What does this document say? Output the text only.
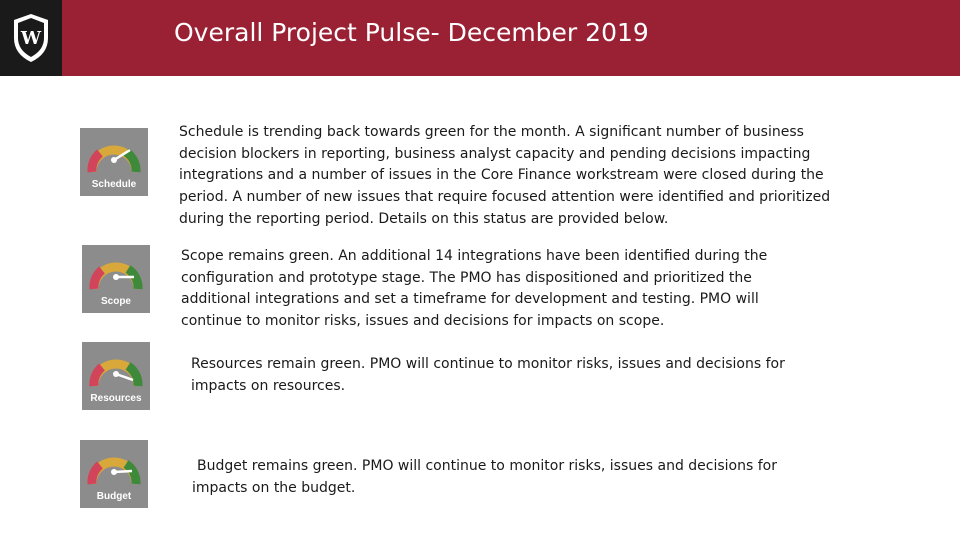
W	Overall Project Pulse- December 2019
Schedule
Schedule is trending back towards green for the month. A significant number of business decision blockers in reporting, business analyst capacity and pending decisions impacting integrations and a number of issues in the Core Finance workstream were closed during the period. A number of new issues that require focused attention were identified and prioritized during the reporting period. Details on this status are provided below.
Scope
Scope remains green. An additional 14 integrations have been identified during the configuration and prototype stage. The PMO has dispositioned and prioritized the additional integrations and set a timeframe for development and testing. PMO will continue to monitor risks, issues and decisions for impacts on scope.
Resources
Resources remain green. PMO will continue to monitor risks, issues and decisions for impacts on resources.
Budget
Budget remains green. PMO will continue to monitor risks, issues and decisions for impacts on the budget.
